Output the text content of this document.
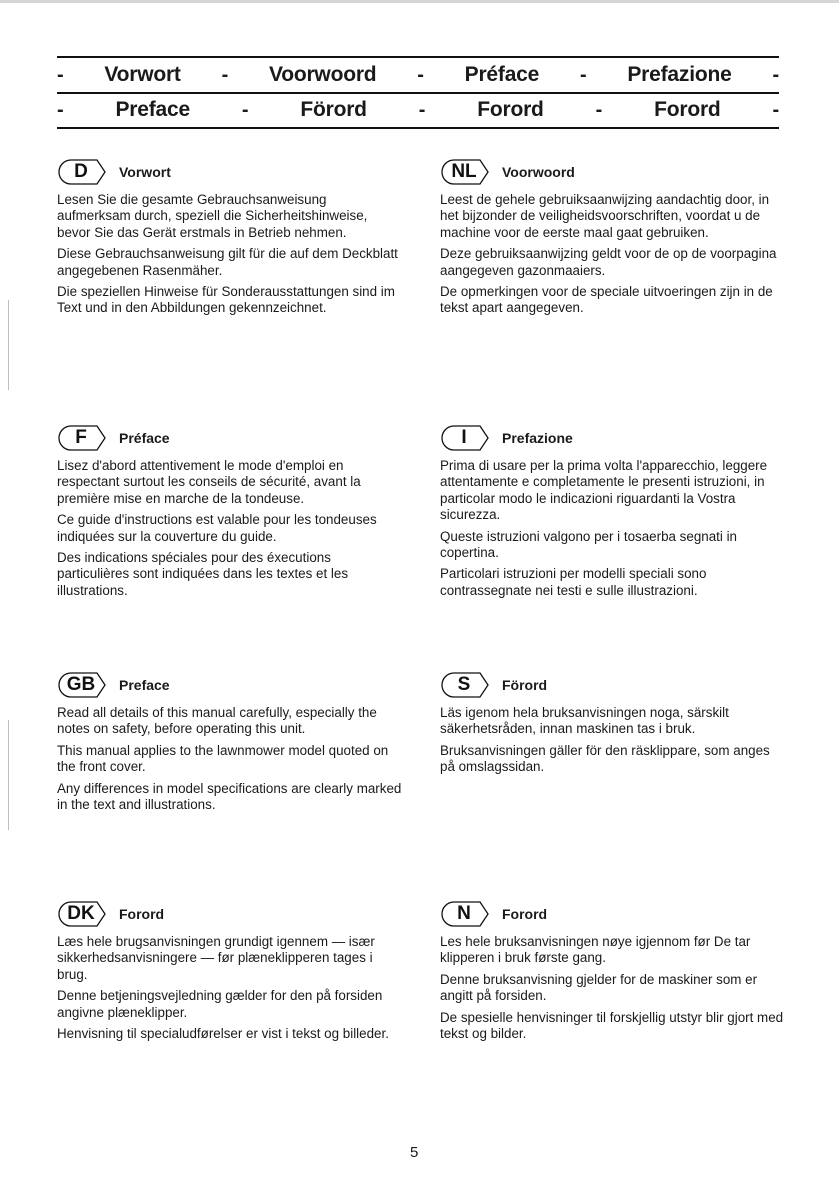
- Vorwort - Voorwoord - Préface - Prefazione -
- Preface	- Förord	- Forord	- Forord	-
D	Vorwort

Lesen Sie die gesamte Gebrauchsanweisung aufmerksam durch, speziell die Sicherheitshinweise, bevor Sie das Gerät erstmals in Betrieb nehmen.

Diese Gebrauchsanweisung gilt für die auf dem Deckblatt angegebenen Rasenmäher.

Die speziellen Hinweise für Sonderausstattungen sind im Text und in den Abbildungen gekennzeichnet.

NL	Voorwoord

Leest de gehele gebruiksaanwijzing aandachtig door, in het bijzonder de veiligheidsvoorschriften, voordat u de machine voor de eerste maal gaat gebruiken.

Deze gebruiksaanwijzing geldt voor de op de voorpagina aangegeven gazonmaaiers.

De opmerkingen voor de speciale uitvoeringen zijn in de tekst apart aangegeven.

F	Préface

Lisez d'abord attentivement le mode d'emploi en respectant surtout les conseils de sécurité, avant la première mise en marche de la tondeuse.

Ce guide d'instructions est valable pour les tondeuses indiquées sur la couverture du guide.

Des indications spéciales pour des éxecutions particulières sont indiquées dans les textes et les illustrations.

I	Prefazione

Prima di usare per la prima volta l'apparecchio, leggere attentamente e completamente le presenti istruzioni, in particolar modo le indicazioni riguardanti la Vostra sicurezza.

Queste istruzioni valgono per i tosaerba segnati in copertina.

Particolari istruzioni per modelli speciali sono contrassegnate nei testi e sulle illustrazioni.

GB	Preface

Read all details of this manual carefully, especially the notes on safety, before operating this unit.

This manual applies to the lawnmower model quoted on the front cover.

Any differences in model specifications are clearly marked in the text and illustrations.

S	Förord

Läs igenom hela bruksanvisningen noga, särskilt säkerhetsråden, innan maskinen tas i bruk.

Bruksanvisningen gäller för den räsklippare, som anges på omslagssidan.

DK	Forord

Læs hele brugsanvisningen grundigt igennem — især sikkerhedsanvisningere — før plæneklipperen tages i brug.

Denne betjeningsvejledning gælder for den på forsiden angivne plæneklipper.

Henvisning til specialudførelser er vist i tekst og billeder.

N	Forord

Les hele bruksanvisningen nøye igjennom før De tar klipperen i bruk første gang.

Denne bruksanvisning gjelder for de maskiner som er angitt på forsiden.

De spesielle henvisninger til forskjellig utstyr blir gjort med tekst og bilder.

5
